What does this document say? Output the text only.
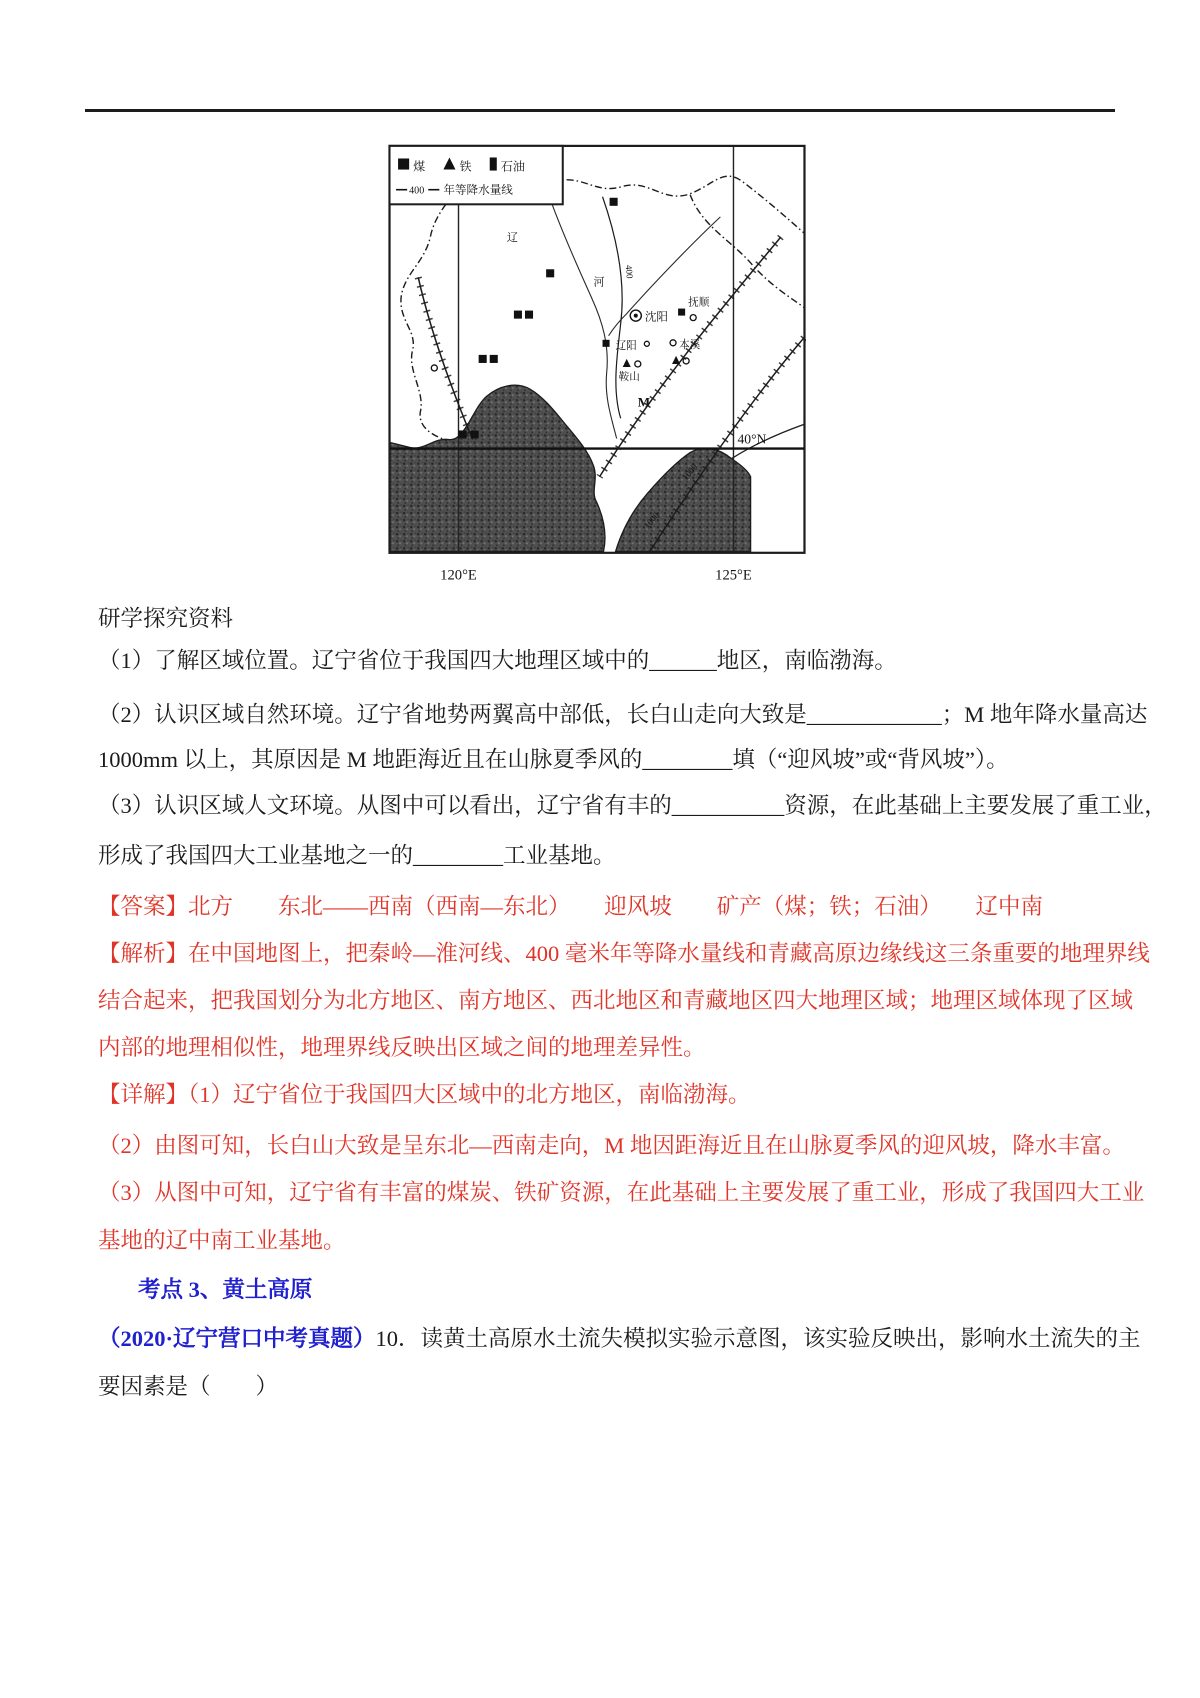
辽
河
400
1000
1000
沈阳
抚顺
辽阳	本溪
鞍山
M
40°N
120°E	125°E
煤	铁 石油
400 年等降水量线
研学探究资料
（1）了解区域位置。辽宁省位于我国四大地理区域中的______地区，南临渤海。
（2）认识区域自然环境。辽宁省地势两翼高中部低，长白山走向大致是____________；M 地年降水量高达
1000mm 以上，其原因是 M 地距海近且在山脉夏季风的________填（“迎风坡”或“背风坡”）。
（3）认识区域人文环境。从图中可以看出，辽宁省有丰的__________资源，在此基础上主要发展了重工业，
形成了我国四大工业基地之一的________工业基地。
【答案】北方　　东北——西南（西南—东北）　　迎风坡　　矿产（煤；铁；石油）　　辽中南
【解析】在中国地图上，把秦岭—淮河线、400 毫米年等降水量线和青藏高原边缘线这三条重要的地理界线
结合起来，把我国划分为北方地区、南方地区、西北地区和青藏地区四大地理区域；地理区域体现了区域
内部的地理相似性，地理界线反映出区域之间的地理差异性。
【详解】（1）辽宁省位于我国四大区域中的北方地区，南临渤海。
（2）由图可知，长白山大致是呈东北—西南走向，M 地因距海近且在山脉夏季风的迎风坡，降水丰富。
（3）从图中可知，辽宁省有丰富的煤炭、铁矿资源，在此基础上主要发展了重工业，形成了我国四大工业
基地的辽中南工业基地。
考点 3、黄土高原
（2020·辽宁营口中考真题）10．读黄土高原水土流失模拟实验示意图，该实验反映出，影响水土流失的主
要因素是（　　）
